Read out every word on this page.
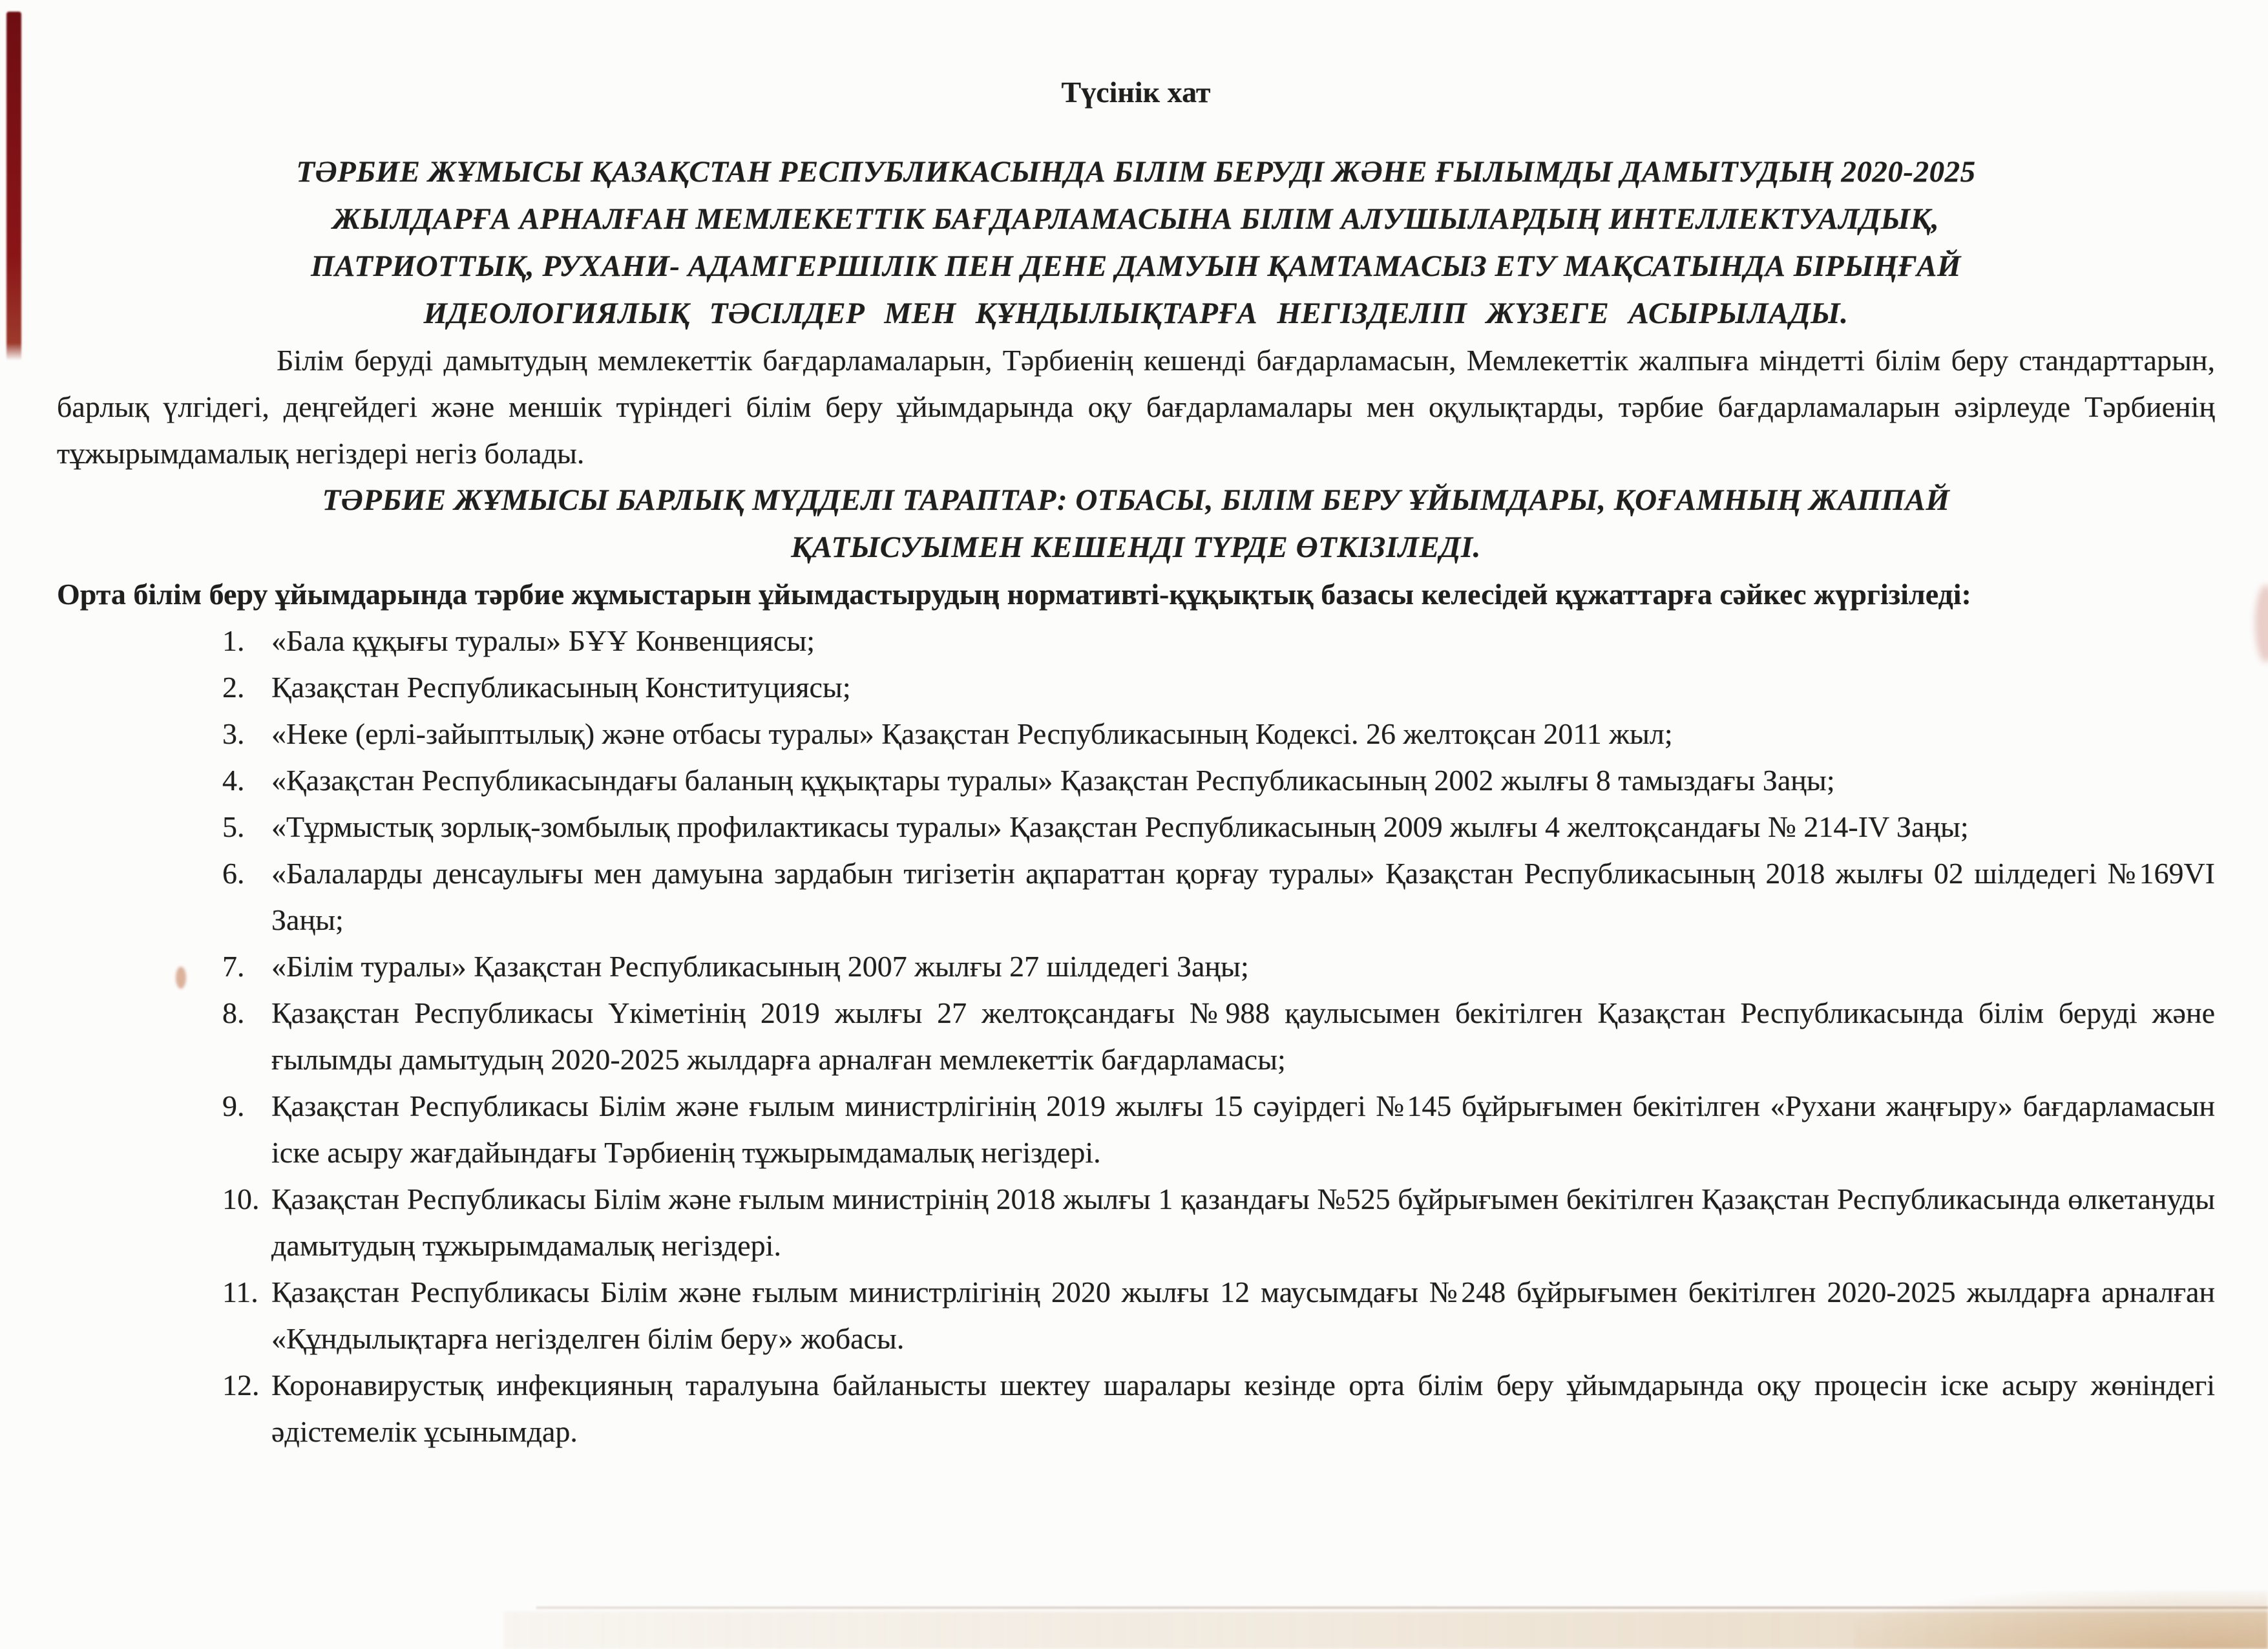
Түсінік хат
ТӘРБИЕ ЖҰМЫСЫ ҚАЗАҚСТАН РЕСПУБЛИКАСЫНДА БІЛІМ БЕРУДІ ЖӘНЕ ҒЫЛЫМДЫ ДАМЫТУДЫҢ 2020-2025
ЖЫЛДАРҒА АРНАЛҒАН МЕМЛЕКЕТТІК БАҒДАРЛАМАСЫНА БІЛІМ АЛУШЫЛАРДЫҢ ИНТЕЛЛЕКТУАЛДЫҚ,
ПАТРИОТТЫҚ, РУХАНИ- АДАМГЕРШІЛІК ПЕН ДЕНЕ ДАМУЫН ҚАМТАМАСЫЗ ЕТУ МАҚСАТЫНДА БІРЫҢҒАЙ
ИДЕОЛОГИЯЛЫҚ ТӘСІЛДЕР МЕН ҚҰНДЫЛЫҚТАРҒА НЕГІЗДЕЛІП ЖҮЗЕГЕ АСЫРЫЛАДЫ.

Білім беруді дамытудың мемлекеттік бағдарламаларын, Тәрбиенің кешенді бағдарламасын, Мемлекеттік жалпыға міндетті білім беру стандарттарын, барлық үлгідегі, деңгейдегі және меншік түріндегі білім беру ұйымдарында оқу бағдарламалары мен оқулықтарды, тәрбие бағдарламаларын әзірлеуде Тәрбиенің тұжырымдамалық негіздері негіз болады.

ТӘРБИЕ ЖҰМЫСЫ БАРЛЫҚ МҮДДЕЛІ ТАРАПТАР: ОТБАСЫ, БІЛІМ БЕРУ ҰЙЫМДАРЫ, ҚОҒАМНЫҢ ЖАППАЙ
ҚАТЫСУЫМЕН КЕШЕНДІ ТҮРДЕ ӨТКІЗІЛЕДІ.

Орта білім беру ұйымдарында тәрбие жұмыстарын ұйымдастырудың нормативті-құқықтық базасы келесідей құжаттарға сәйкес жүргізіледі:

«Бала құқығы туралы» БҰҰ Конвенциясы;
Қазақстан Республикасының Конституциясы;
«Неке (ерлі-зайыптылық) және отбасы туралы» Қазақстан Республикасының Кодексі. 26 желтоқсан 2011 жыл;
«Қазақстан Республикасындағы баланың құқықтары туралы» Қазақстан Республикасының 2002 жылғы 8 тамыздағы Заңы;
«Тұрмыстық зорлық-зомбылық профилактикасы туралы» Қазақстан Республикасының 2009 жылғы 4 желтоқсандағы № 214-IV Заңы;
«Балаларды денсаулығы мен дамуына зардабын тигізетін ақпараттан қорғау туралы» Қазақстан Республикасының 2018 жылғы 02 шілдедегі №169VI Заңы;
«Білім туралы» Қазақстан Республикасының 2007 жылғы 27 шілдедегі Заңы;
Қазақстан Республикасы Үкіметінің 2019 жылғы 27 желтоқсандағы №988 қаулысымен бекітілген Қазақстан Республикасында білім беруді және ғылымды дамытудың 2020-2025 жылдарға арналған мемлекеттік бағдарламасы;
Қазақстан Республикасы Білім және ғылым министрлігінің 2019 жылғы 15 сәуірдегі №145 бұйрығымен бекітілген «Рухани жаңғыру» бағдарламасын іске асыру жағдайындағы Тәрбиенің тұжырымдамалық негіздері.
Қазақстан Республикасы Білім және ғылым министрінің 2018 жылғы 1 қазандағы №525 бұйрығымен бекітілген Қазақстан Республикасында өлкетануды дамытудың тұжырымдамалық негіздері.
Қазақстан Республикасы Білім және ғылым министрлігінің 2020 жылғы 12 маусымдағы №248 бұйрығымен бекітілген 2020-2025 жылдарға арналған «Құндылықтарға негізделген білім беру» жобасы.
Коронавирустық инфекцияның таралуына байланысты шектеу шаралары кезінде орта білім беру ұйымдарында оқу процесін іске асыру жөніндегі әдістемелік ұсынымдар.
